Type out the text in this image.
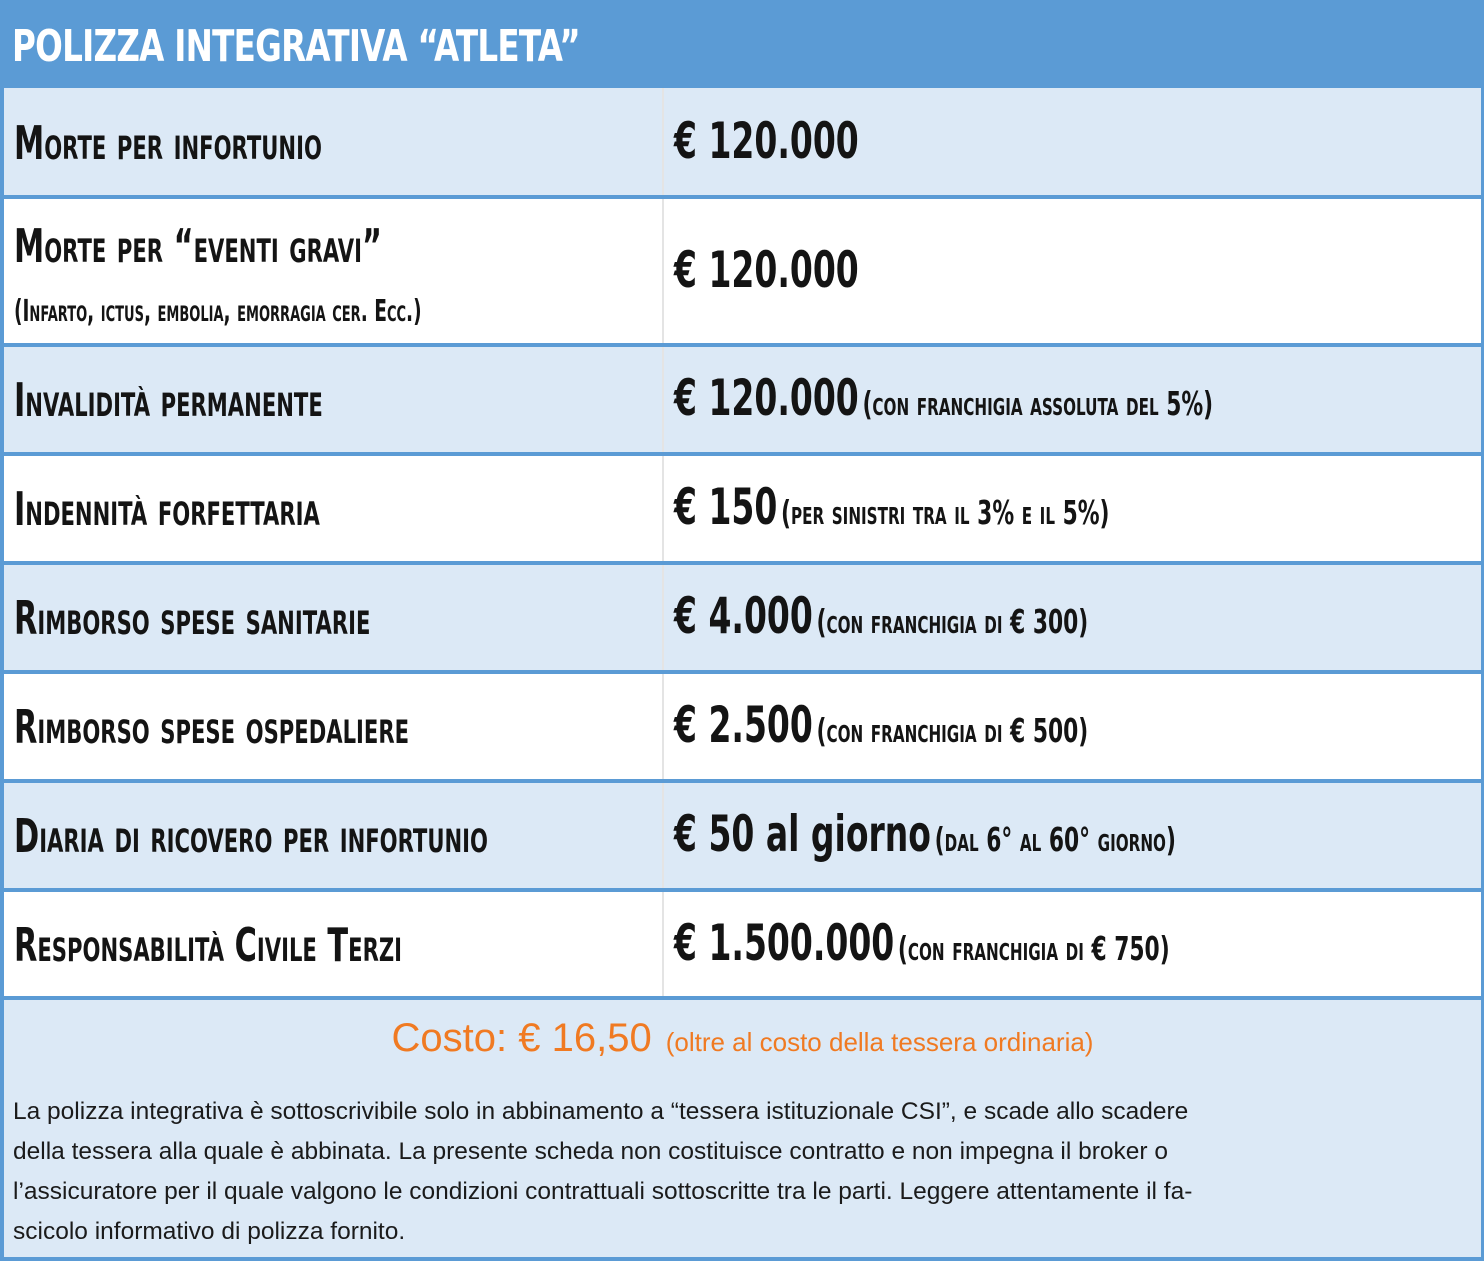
POLIZZA INTEGRATIVA “ATLETA”
Morte per infortunio	€ 120.000
Morte per “eventi gravi”
(Infarto, ictus, embolia, emorragia cer. Ecc.)
€ 120.000
Invalidità permanente	€ 120.000 (con franchigia assoluta del 5%)
Indennità forfettaria	€ 150 (per sinistri tra il 3% e il 5%)
Rimborso spese sanitarie	€ 4.000 (con franchigia di € 300)
Rimborso spese ospedaliere	€ 2.500 (con franchigia di € 500)
Diaria di ricovero per infortunio	€ 50 al giorno (dal 6° al 60° giorno)
Responsabilità Civile Terzi	€ 1.500.000 (con franchigia di € 750)
Costo: € 16,50 (oltre al costo della tessera ordinaria)
La polizza integrativa è sottoscrivibile solo in abbinamento a “tessera istituzionale CSI”, e scade allo scadere
della tessera alla quale è abbinata. La presente scheda non costituisce contratto e non impegna il broker o
l’assicuratore per il quale valgono le condizioni contrattuali sottoscritte tra le parti. Leggere attentamente il fa-
scicolo informativo di polizza fornito.
